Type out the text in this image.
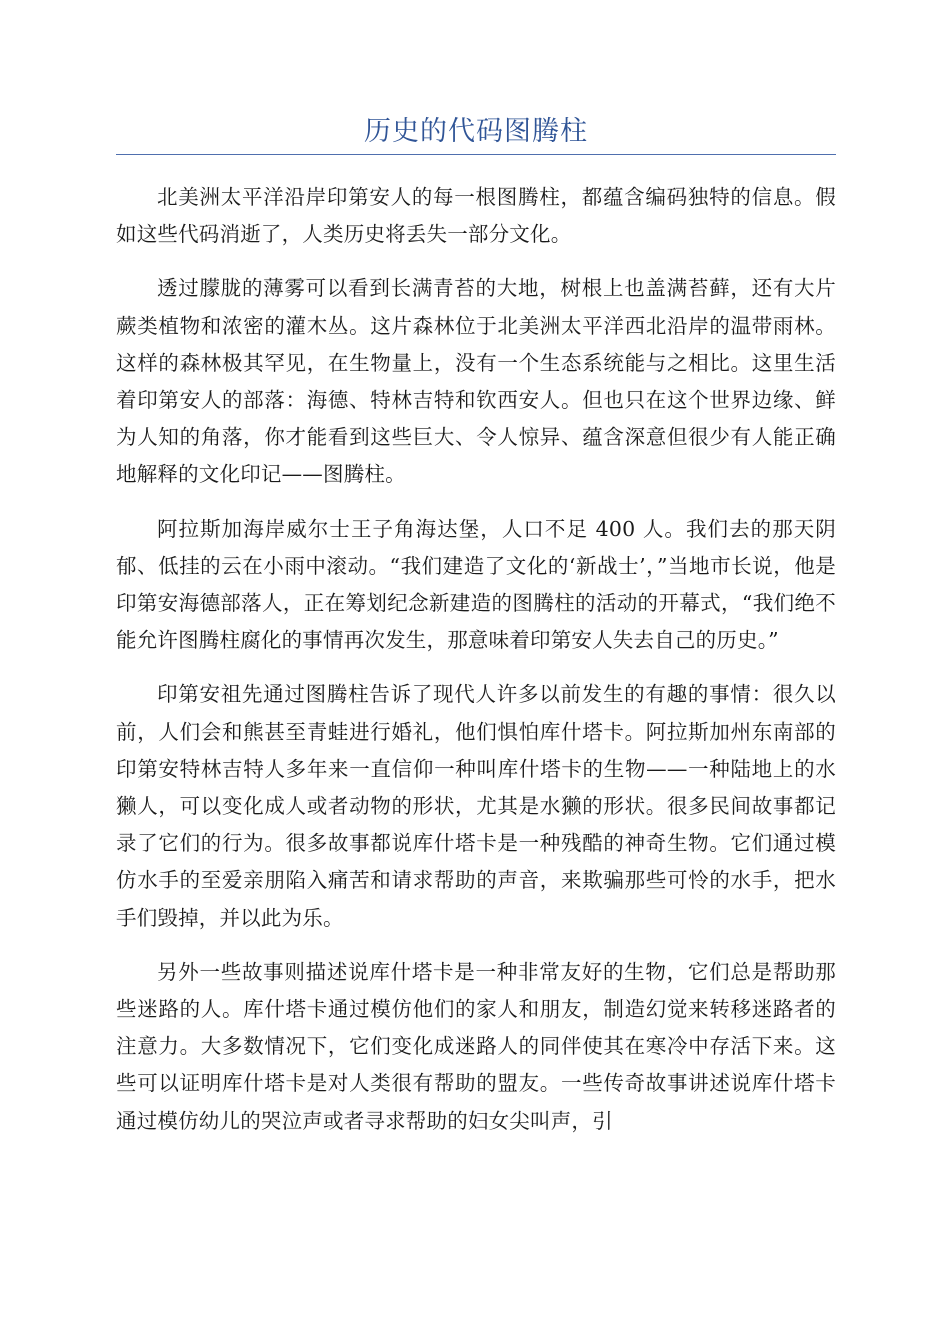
历史的代码图腾柱

北美洲太平洋沿岸印第安人的每一根图腾柱，都蕴含编码独特的信息。假如这些代码消逝了，人类历史将丢失一部分文化。

透过朦胧的薄雾可以看到长满青苔的大地，树根上也盖满苔藓，还有大片蕨类植物和浓密的灌木丛。这片森林位于北美洲太平洋西北沿岸的温带雨林。这样的森林极其罕见，在生物量上，没有一个生态系统能与之相比。这里生活着印第安人的部落：海德、特林吉特和钦西安人。但也只在这个世界边缘、鲜为人知的角落，你才能看到这些巨大、令人惊异、蕴含深意但很少有人能正确地解释的文化印记——图腾柱。

阿拉斯加海岸威尔士王子角海达堡，人口不足 400 人。我们去的那天阴郁、低挂的云在小雨中滚动。“我们建造了文化的‘新战士’，”当地市长说，他是印第安海德部落人，正在筹划纪念新建造的图腾柱的活动的开幕式，“我们绝不能允许图腾柱腐化的事情再次发生，那意味着印第安人失去自己的历史。”

印第安祖先通过图腾柱告诉了现代人许多以前发生的有趣的事情：很久以前，人们会和熊甚至青蛙进行婚礼，他们惧怕库什塔卡。阿拉斯加州东南部的印第安特林吉特人多年来一直信仰一种叫库什塔卡的生物——一种陆地上的水獭人，可以变化成人或者动物的形状，尤其是水獭的形状。很多民间故事都记录了它们的行为。很多故事都说库什塔卡是一种残酷的神奇生物。它们通过模仿水手的至爱亲朋陷入痛苦和请求帮助的声音，来欺骗那些可怜的水手，把水手们毁掉，并以此为乐。

另外一些故事则描述说库什塔卡是一种非常友好的生物，它们总是帮助那些迷路的人。库什塔卡通过模仿他们的家人和朋友，制造幻觉来转移迷路者的注意力。大多数情况下，它们变化成迷路人的同伴使其在寒冷中存活下来。这些可以证明库什塔卡是对人类很有帮助的盟友。一些传奇故事讲述说库什塔卡通过模仿幼儿的哭泣声或者寻求帮助的妇女尖叫声，引
